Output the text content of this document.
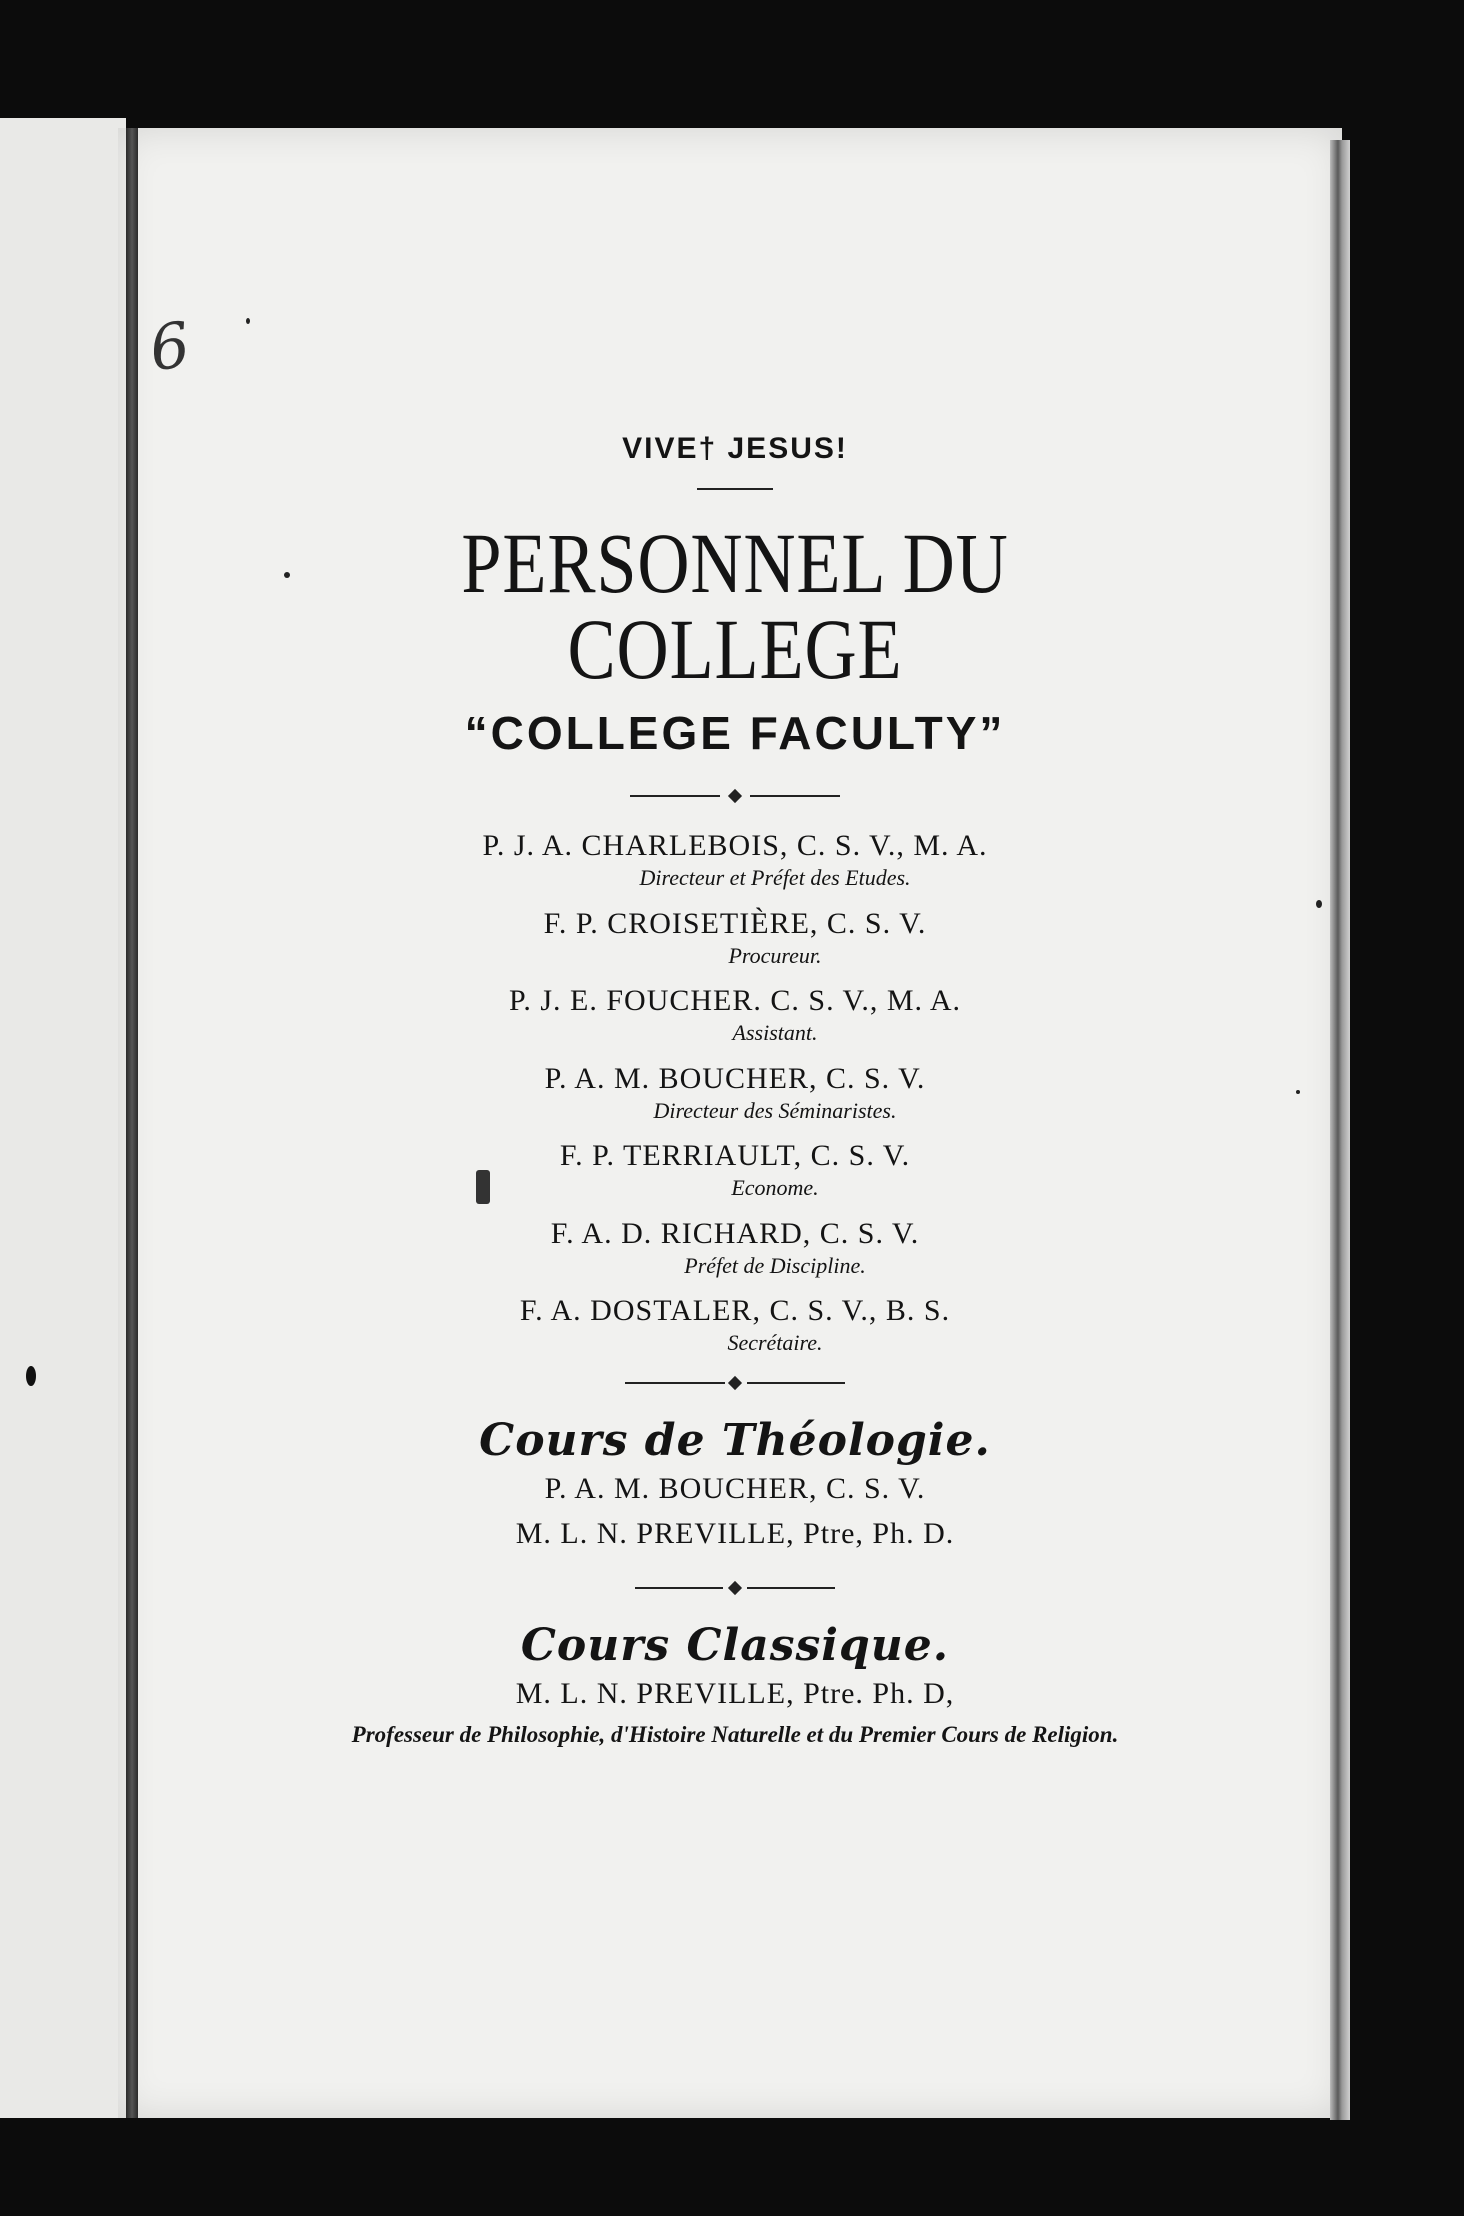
6
VIVE† JESUS!
PERSONNEL DU COLLEGE
“COLLEGE FACULTY”
P. J. A. CHARLEBOIS, C. S. V., M. A.
Directeur et Préfet des Etudes.
F. P. CROISETIÈRE, C. S. V.
Procureur.
P. J. E. FOUCHER. C. S. V., M. A.
Assistant.
P. A. M. BOUCHER, C. S. V.
Directeur des Séminaristes.
F. P. TERRIAULT, C. S. V.
Econome.
F. A. D. RICHARD, C. S. V.
Préfet de Discipline.
F. A. DOSTALER, C. S. V., B. S.
Secrétaire.
Cours de Théologie.
P. A. M. BOUCHER, C. S. V.
M. L. N. PREVILLE, Ptre, Ph. D.
Cours Classique.
M. L. N. PREVILLE, Ptre. Ph. D,
Professeur de Philosophie, d'Histoire Naturelle et du Premier Cours de Religion.
